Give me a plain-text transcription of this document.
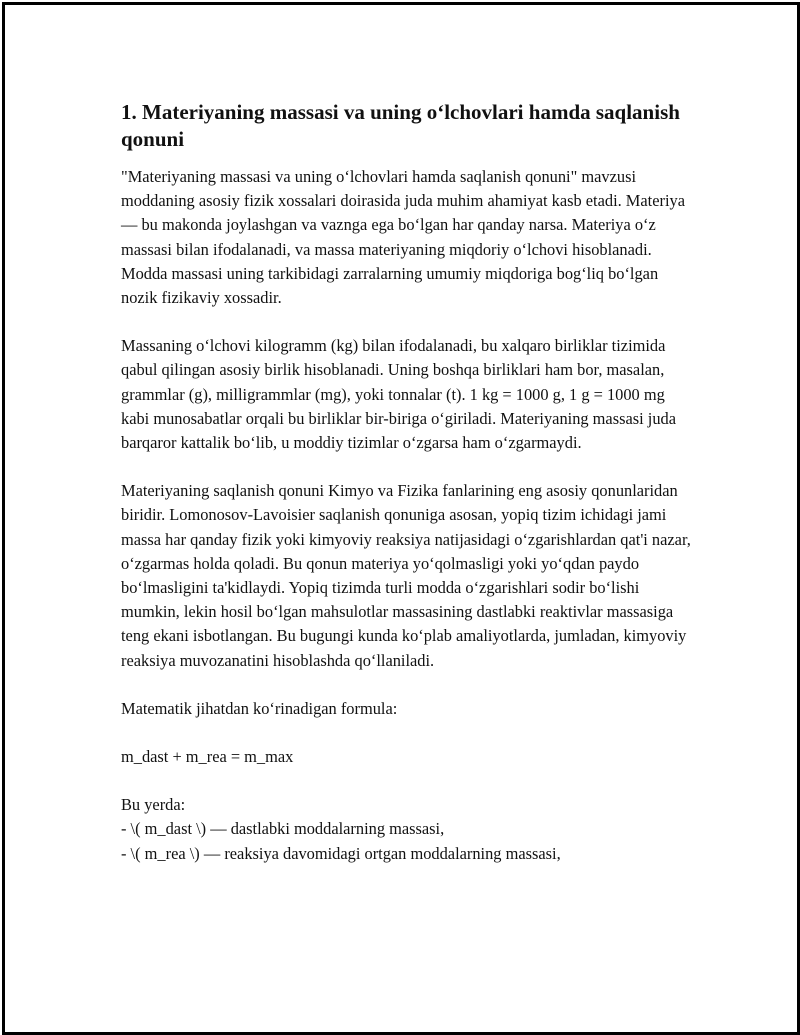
1. Materiyaning massasi va uning o‘lchovlari hamda saqlanish qonuni

"Materiyaning massasi va uning o‘lchovlari hamda saqlanish qonuni" mavzusi moddaning asosiy fizik xossalari doirasida juda muhim ahamiyat kasb etadi. Materiya — bu makonda joylashgan va vaznga ega bo‘lgan har qanday narsa. Materiya o‘z massasi bilan ifodalanadi, va massa materiyaning miqdoriy o‘lchovi hisoblanadi. Modda massasi uning tarkibidagi zarralarning umumiy miqdoriga bog‘liq bo‘lgan nozik fizikaviy xossadir.

Massaning o‘lchovi kilogramm (kg) bilan ifodalanadi, bu xalqaro birliklar tizimida qabul qilingan asosiy birlik hisoblanadi. Uning boshqa birliklari ham bor, masalan, grammlar (g), milligrammlar (mg), yoki tonnalar (t). 1 kg = 1000 g, 1 g = 1000 mg kabi munosabatlar orqali bu birliklar bir-biriga o‘giriladi. Materiyaning massasi juda barqaror kattalik bo‘lib, u moddiy tizimlar o‘zgarsa ham o‘zgarmaydi.

Materiyaning saqlanish qonuni Kimyo va Fizika fanlarining eng asosiy qonunlaridan biridir. Lomonosov-Lavoisier saqlanish qonuniga asosan, yopiq tizim ichidagi jami massa har qanday fizik yoki kimyoviy reaksiya natijasidagi o‘zgarishlardan qat'i nazar, o‘zgarmas holda qoladi. Bu qonun materiya yo‘qolmasligi yoki yo‘qdan paydo bo‘lmasligini ta'kidlaydi. Yopiq tizimda turli modda o‘zgarishlari sodir bo‘lishi mumkin, lekin hosil bo‘lgan mahsulotlar massasining dastlabki reaktivlar massasiga teng ekani isbotlangan. Bu bugungi kunda ko‘plab amaliyotlarda, jumladan, kimyoviy reaksiya muvozanatini hisoblashda qo‘llaniladi.

Matematik jihatdan ko‘rinadigan formula:

m_dast + m_rea = m_max

Bu yerda:

- \( m_dast \) — dastlabki moddalarning massasi,

- \( m_rea \) — reaksiya davomidagi ortgan moddalarning massasi,
